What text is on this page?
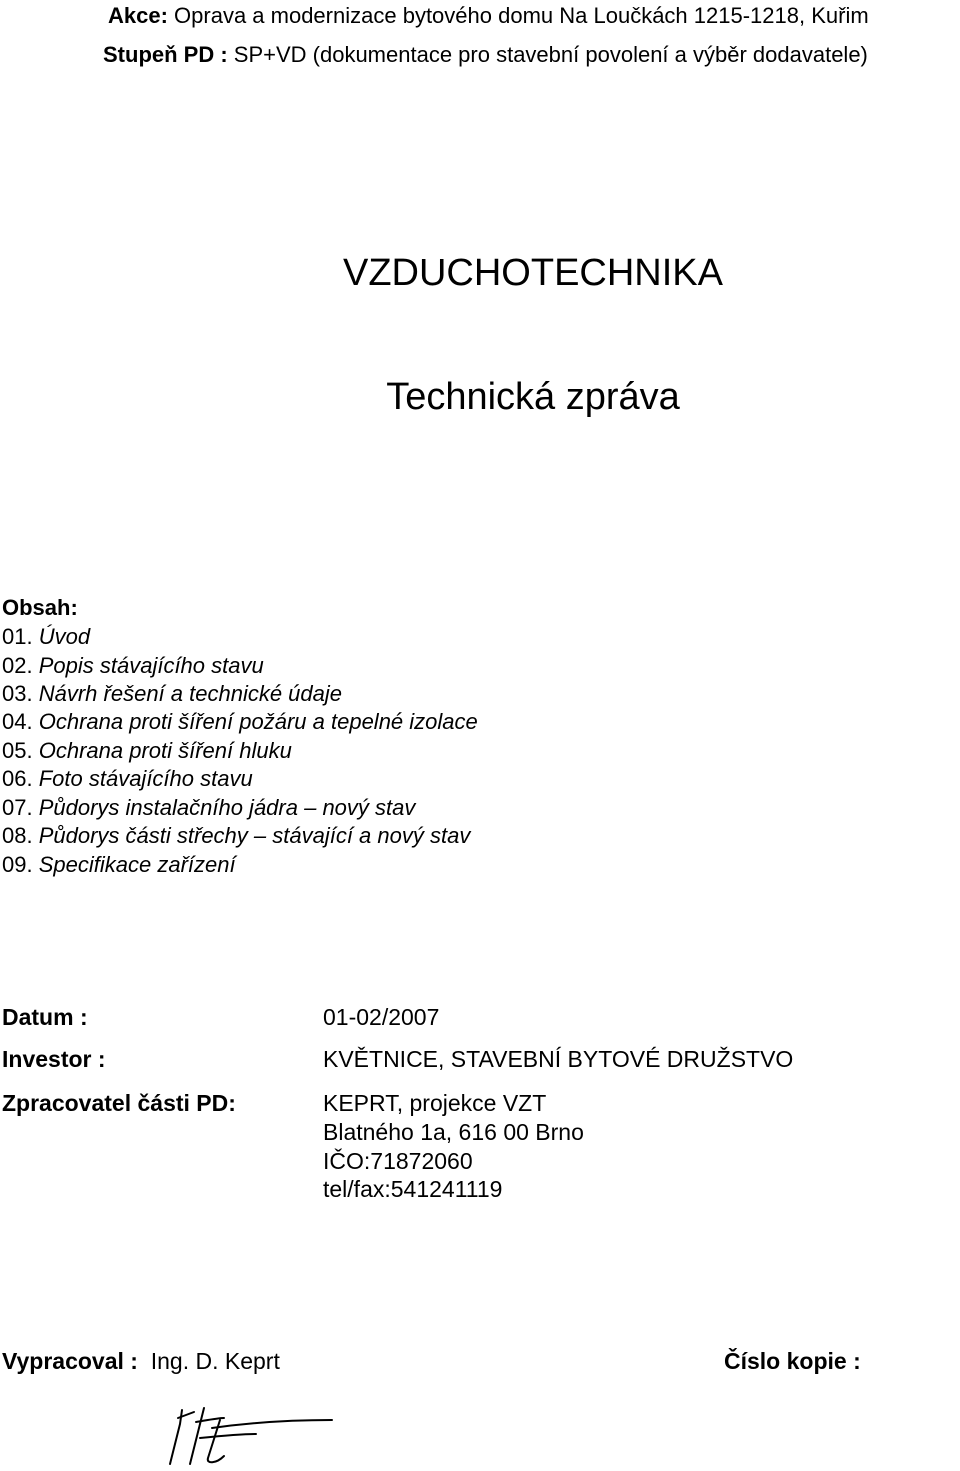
Akce: Oprava a modernizace bytového domu Na Loučkách 1215-1218, Kuřim
Stupeň PD : SP+VD (dokumentace pro stavební povolení a výběr dodavatele)
VZDUCHOTECHNIKA
Technická zpráva
Obsah:
01. Úvod
02. Popis stávajícího stavu
03. Návrh řešení a technické údaje
04. Ochrana proti šíření požáru a tepelné izolace
05. Ochrana proti šíření hluku
06. Foto stávajícího stavu
07. Půdorys instalačního jádra – nový stav
08. Půdorys části střechy – stávající a nový stav
09. Specifikace zařízení
Datum :	01-02/2007
Investor :	KVĚTNICE, STAVEBNÍ BYTOVÉ DRUŽSTVO
Zpracovatel části PD:	KEPRT, projekce VZT
Blatného 1a, 616 00 Brno
IČO:71872060
tel/fax:541241119
Vypracoval : Ing. D. Keprt	Číslo kopie :
